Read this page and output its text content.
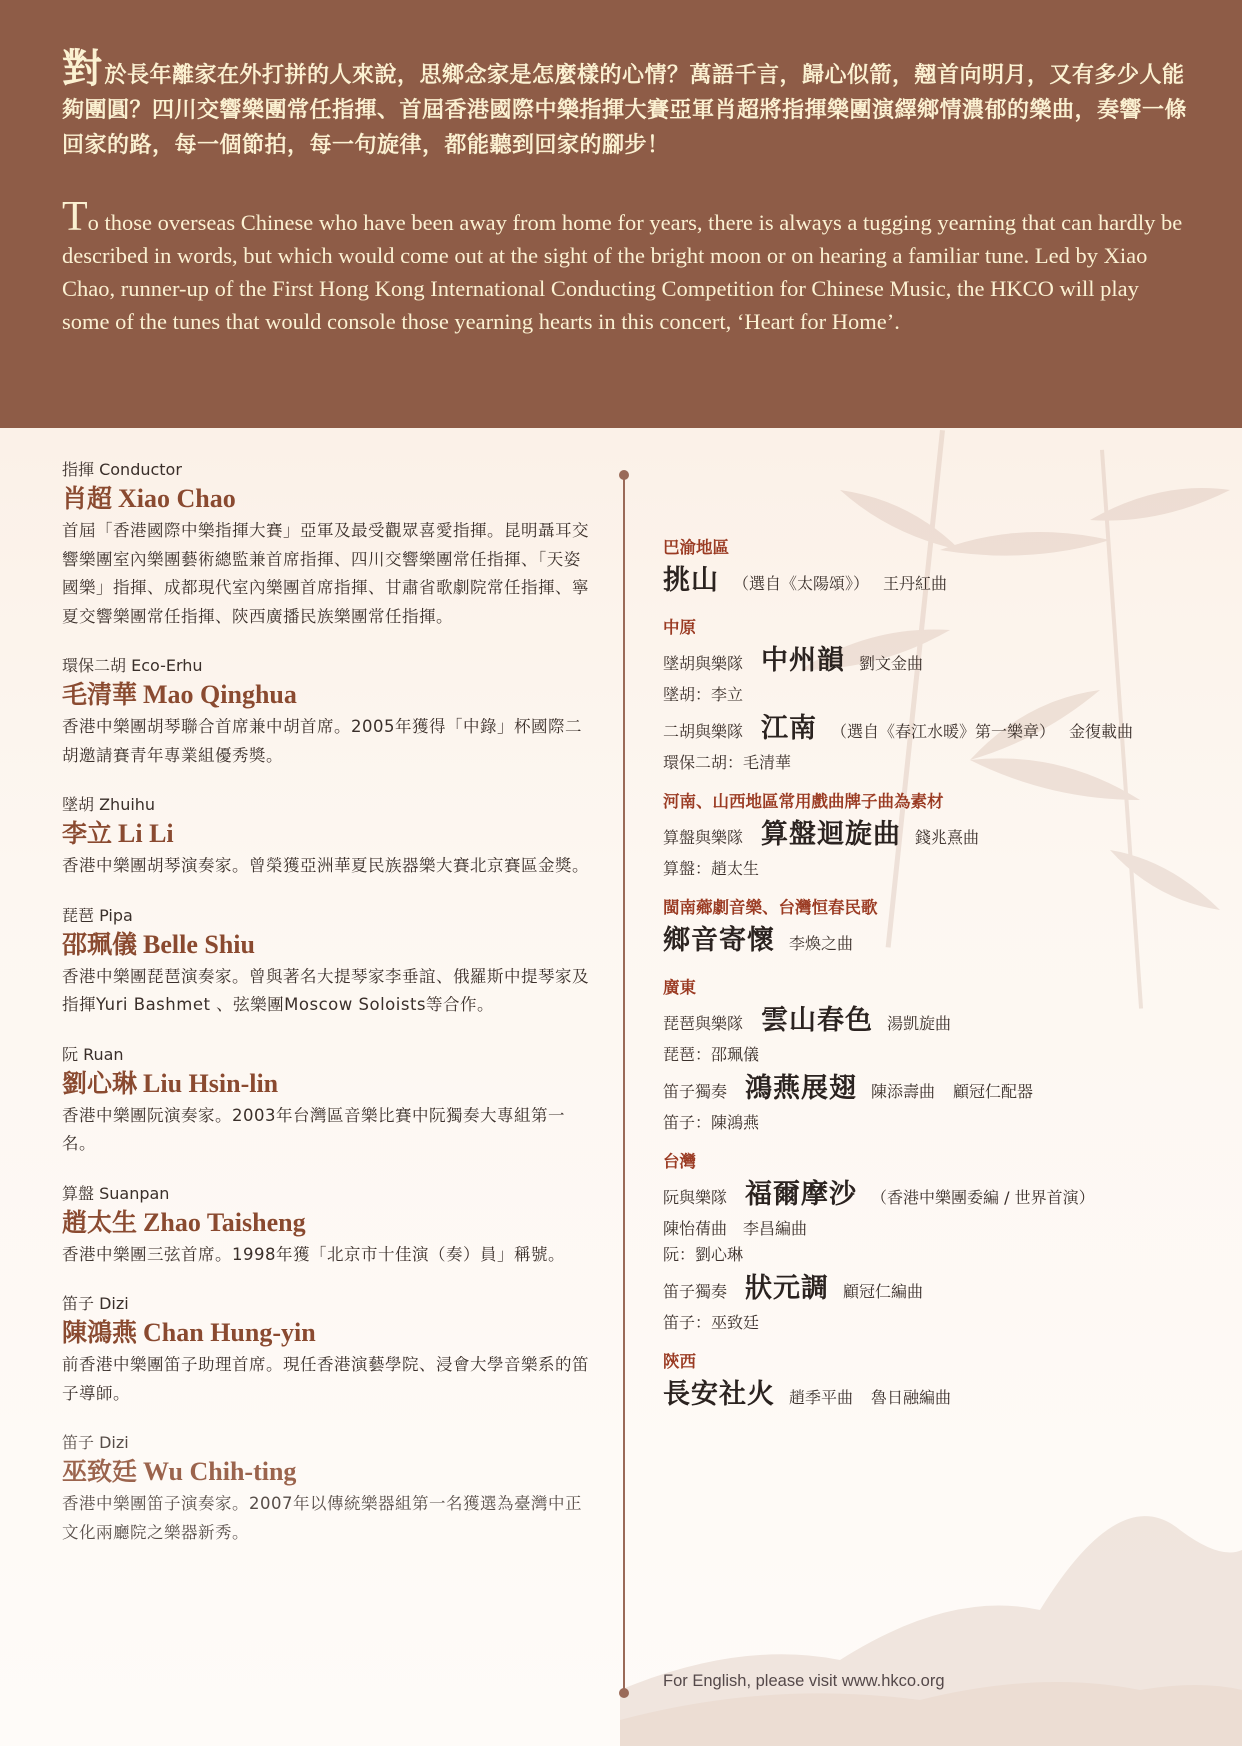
對於長年離家在外打拼的人來說，思鄉念家是怎麼樣的心情？萬語千言，歸心似箭，翹首向明月，又有多少人能夠團圓？四川交響樂團常任指揮、首屆香港國際中樂指揮大賽亞軍肖超將指揮樂團演繹鄉情濃郁的樂曲，奏響一條回家的路，每一個節拍，每一句旋律，都能聽到回家的腳步！

To those overseas Chinese who have been away from home for years, there is always a tugging yearning that can hardly be described in words, but which would come out at the sight of the bright moon or on hearing a familiar tune. Led by Xiao Chao, runner-up of the First Hong Kong International Conducting Competition for Chinese Music, the HKCO will play some of the tunes that would console those yearning hearts in this concert, ‘Heart for Home’.

指揮 Conductor
肖超 Xiao Chao
首屆「香港國際中樂指揮大賽」亞軍及最受觀眾喜愛指揮。昆明聶耳交響樂團室內樂團藝術總監兼首席指揮、四川交響樂團常任指揮、「天姿國樂」指揮、成都現代室內樂團首席指揮、甘肅省歌劇院常任指揮、寧夏交響樂團常任指揮、陝西廣播民族樂團常任指揮。
環保二胡 Eco-Erhu
毛清華 Mao Qinghua
香港中樂團胡琴聯合首席兼中胡首席。2005年獲得「中錄」杯國際二胡邀請賽青年專業組優秀獎。
墜胡 Zhuihu
李立 Li Li
香港中樂團胡琴演奏家。曾榮獲亞洲華夏民族器樂大賽北京賽區金獎。
琵琶 Pipa
邵珮儀 Belle Shiu
香港中樂團琵琶演奏家。曾與著名大提琴家李垂誼、俄羅斯中提琴家及指揮Yuri Bashmet 、弦樂團Moscow Soloists等合作。
阮 Ruan
劉心琳 Liu Hsin-lin
香港中樂團阮演奏家。2003年台灣區音樂比賽中阮獨奏大專組第一名。
算盤 Suanpan
趙太生 Zhao Taisheng
香港中樂團三弦首席。1998年獲「北京市十佳演（奏）員」稱號。
笛子 Dizi
陳鴻燕 Chan Hung-yin
前香港中樂團笛子助理首席。現任香港演藝學院、浸會大學音樂系的笛子導師。
笛子 Dizi
巫致廷 Wu Chih-ting
香港中樂團笛子演奏家。2007年以傳統樂器組第一名獲選為臺灣中正文化兩廳院之樂器新秀。
巴渝地區
挑山 （選自《太陽頌》） 王丹紅曲
中原
墜胡與樂隊 中州韻 劉文金曲
墜胡：李立
二胡與樂隊 江南 （選自《春江水暖》第一樂章） 金復載曲
環保二胡：毛清華
河南、山西地區常用戲曲牌子曲為素材
算盤與樂隊 算盤迴旋曲 錢兆熹曲
算盤：趙太生
閩南薌劇音樂、台灣恒春民歌
鄉音寄懷 李煥之曲
廣東
琵琶與樂隊 雲山春色 湯凱旋曲
琵琶：邵珮儀
笛子獨奏 鴻燕展翅 陳添壽曲 顧冠仁配器
笛子：陳鴻燕
台灣
阮與樂隊 福爾摩沙 （香港中樂團委編 / 世界首演）
陳怡蒨曲　李昌編曲
阮：劉心琳
笛子獨奏 狀元調 顧冠仁編曲
笛子：巫致廷
陝西
長安社火 趙季平曲 魯日融編曲
For English, please visit www.hkco.org
